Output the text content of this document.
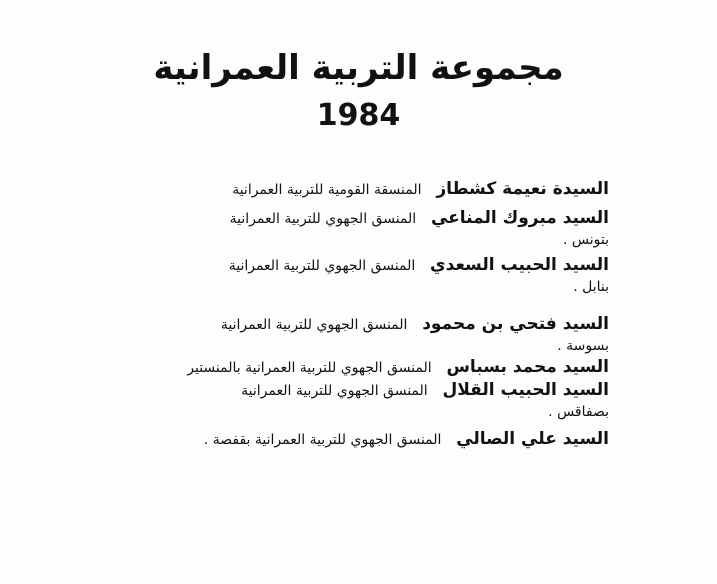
مجموعة التربية العمرانية
1984
السيدة نعيمة كشطاز المنسقة القومية للتربية العمرانية
السيد مبروك المناعي المنسق الجهوي للتربية العمرانية
بتونس .
السيد الحبيب السعدي المنسق الجهوي للتربية العمرانية
بنابل .
السيد فتحي بن محمود المنسق الجهوي للتربية العمرانية
بسوسة .
السيد محمد بسباس المنسق الجهوي للتربية العمرانية بالمنستير
السيد الحبيب القلال المنسق الجهوي للتربية العمرانية
بصفاقس .
السيد علي الصالي المنسق الجهوي للتربية العمرانية بقفصة .
